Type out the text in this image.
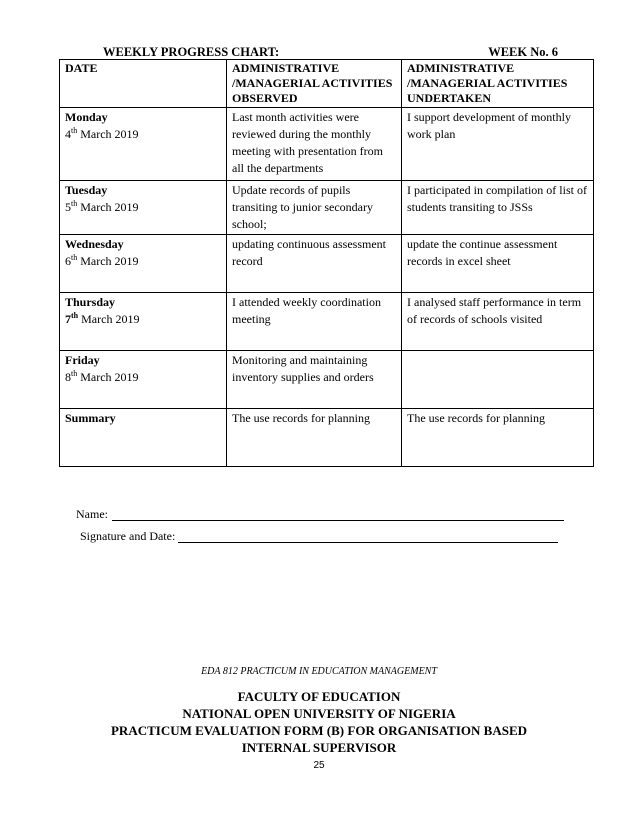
WEEKLY PROGRESS CHART:	WEEK No. 6
DATE	ADMINISTRATIVE /MANAGERIAL ACTIVITIES OBSERVED	ADMINISTRATIVE /MANAGERIAL ACTIVITIES UNDERTAKEN

Monday
4th March 2019	Last month activities were reviewed during the monthly meeting with presentation from all the departments	I support development of monthly work plan

Tuesday
5th March 2019	Update records of pupils transiting to junior secondary school;	I participated in compilation of list of students transiting to JSSs

Wednesday
6th March 2019	updating continuous assessment record	update the continue assessment records in excel sheet

Thursday
7th March 2019	I attended weekly coordination meeting	I analysed staff performance in term of records of schools visited

Friday
8th March 2019	Monitoring and maintaining inventory supplies and orders	

Summary	The use records for planning	The use records for planning
Name:
Signature and Date:
EDA 812 PRACTICUM IN EDUCATION MANAGEMENT
FACULTY OF EDUCATION
NATIONAL OPEN UNIVERSITY OF NIGERIA
PRACTICUM EVALUATION FORM (B) FOR ORGANISATION BASED
INTERNAL SUPERVISOR
25
